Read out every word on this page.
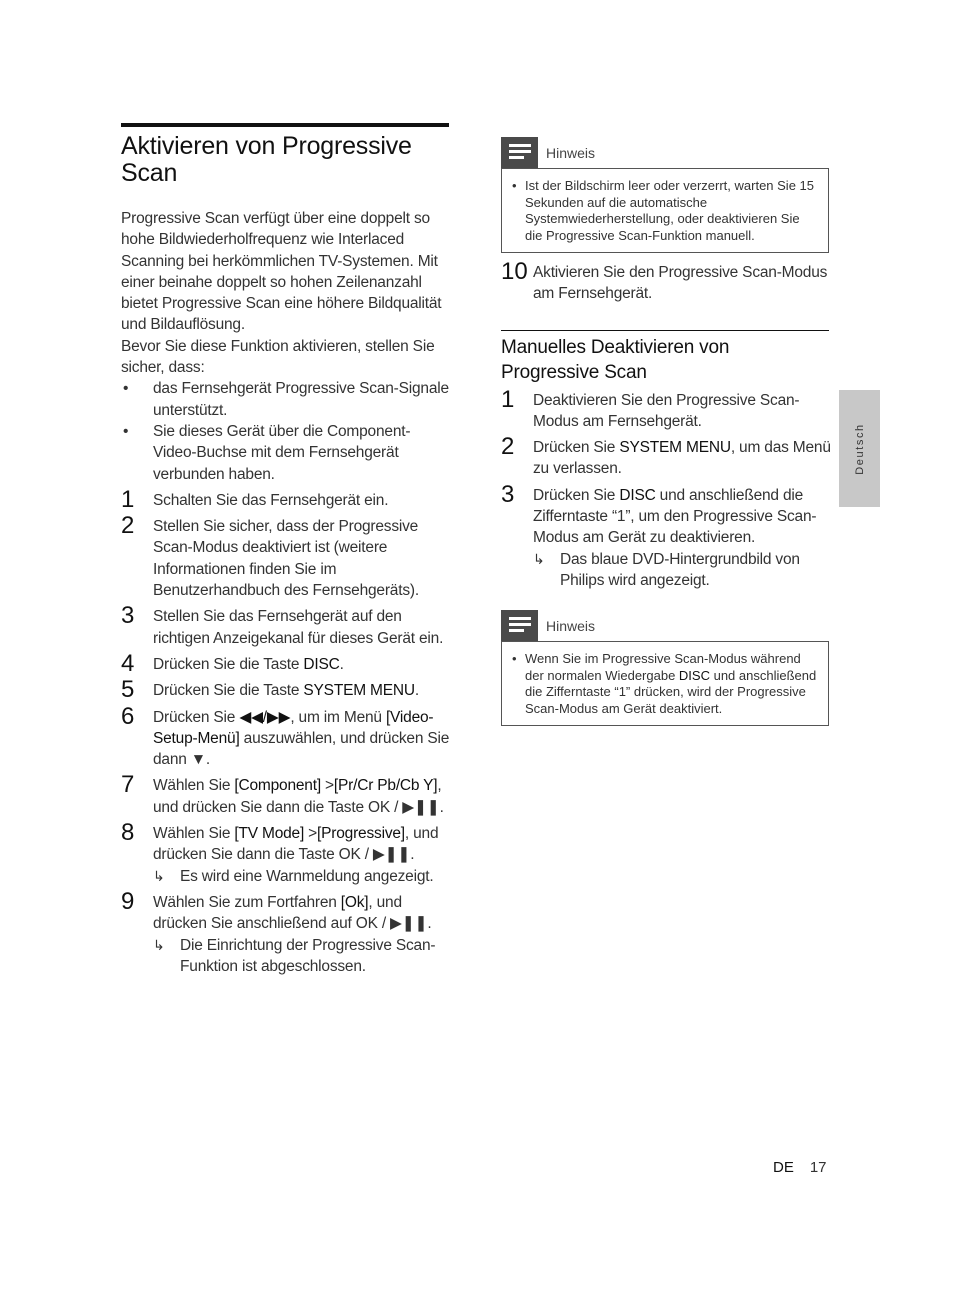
Aktivieren von Progressive Scan

Progressive Scan verfügt über eine doppelt so hohe Bildwiederholfrequenz wie Interlaced Scanning bei herkömmlichen TV-Systemen. Mit einer beinahe doppelt so hohen Zeilenanzahl bietet Progressive Scan eine höhere Bildqualität und Bildauflösung.

Bevor Sie diese Funktion aktivieren, stellen Sie sicher, dass:

• das Fernsehgerät Progressive Scan-Signale unterstützt.
• Sie dieses Gerät über die Component-Video-Buchse mit dem Fernsehgerät verbunden haben.
1 Schalten Sie das Fernsehgerät ein.
2 Stellen Sie sicher, dass der Progressive Scan-Modus deaktiviert ist (weitere Informationen finden Sie im Benutzerhandbuch des Fernsehgeräts).
3 Stellen Sie das Fernsehgerät auf den richtigen Anzeigekanal für dieses Gerät ein.
4 Drücken Sie die Taste DISC.
5 Drücken Sie die Taste SYSTEM MENU.
6 Drücken Sie ◀◀/▶▶, um im Menü [Video-Setup-Menü] auszuwählen, und drücken Sie dann ▼.
7 Wählen Sie [Component] >[Pr/Cr Pb/Cb Y], und drücken Sie dann die Taste OK / ▶❚❚.
8 Wählen Sie [TV Mode] >[Progressive], und drücken Sie dann die Taste OK / ▶❚❚.
↳ Es wird eine Warnmeldung angezeigt.
9 Wählen Sie zum Fortfahren [Ok], und drücken Sie anschließend auf OK / ▶❚❚.
↳ Die Einrichtung der Progressive Scan-Funktion ist abgeschlossen.
Hinweis
• Ist der Bildschirm leer oder verzerrt, warten Sie 15 Sekunden auf die automatische Systemwiederherstellung, oder deaktivieren Sie die Progressive Scan-Funktion manuell.
10 Aktivieren Sie den Progressive Scan-Modus am Fernsehgerät.
Manuelles Deaktivieren von Progressive Scan
1 Deaktivieren Sie den Progressive Scan-Modus am Fernsehgerät.
2 Drücken Sie SYSTEM MENU, um das Menü zu verlassen.
3 Drücken Sie DISC und anschließend die Zifferntaste “1”, um den Progressive Scan-Modus am Gerät zu deaktivieren.
↳ Das blaue DVD-Hintergrundbild von Philips wird angezeigt.
Hinweis
• Wenn Sie im Progressive Scan-Modus während der normalen Wiedergabe DISC und anschließend die Zifferntaste “1” drücken, wird der Progressive Scan-Modus am Gerät deaktiviert.
Deutsch
DE 17
